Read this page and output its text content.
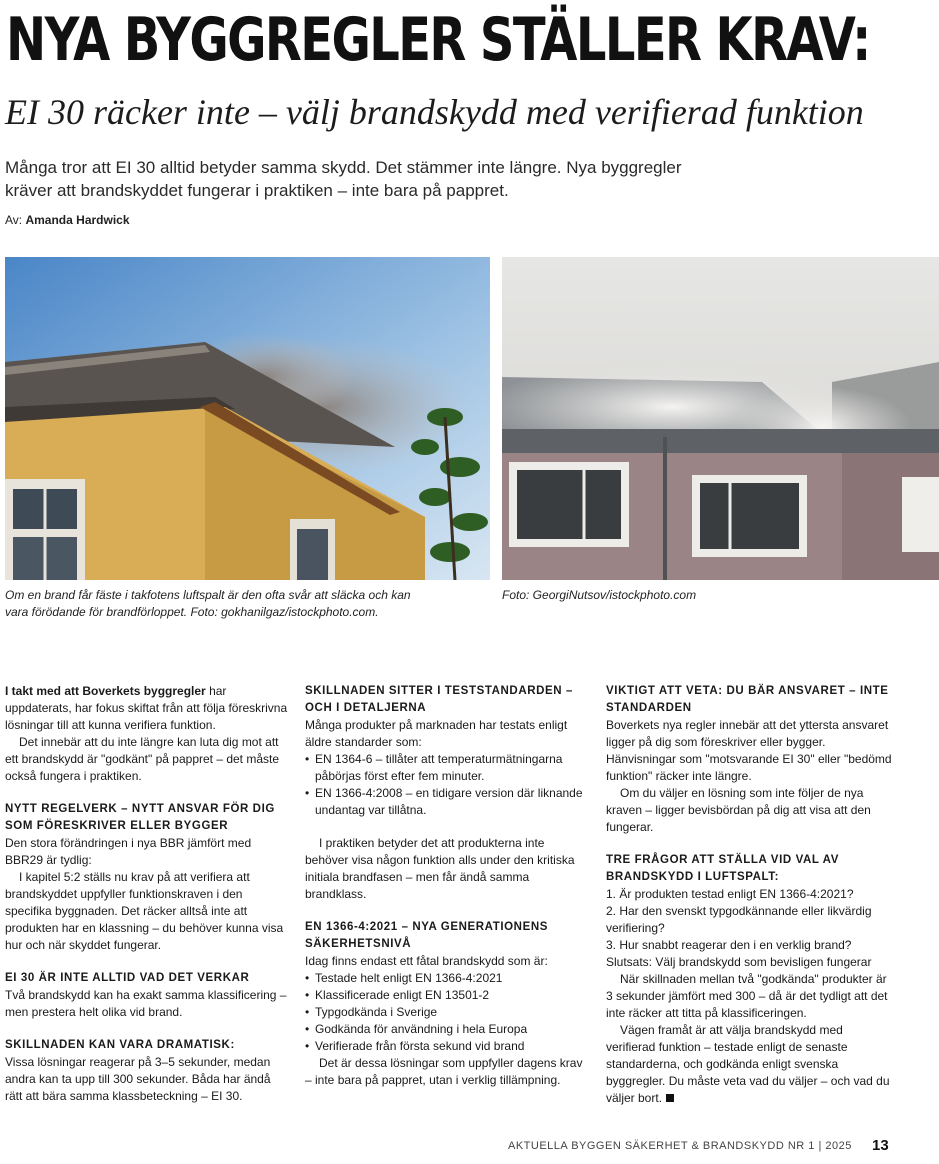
NYA BYGGREGLER STÄLLER KRAV:
EI 30 räcker inte – välj brandskydd med verifierad funktion
Många tror att EI 30 alltid betyder samma skydd. Det stämmer inte längre. Nya byggregler kräver att brandskyddet fungerar i praktiken – inte bara på pappret.
Av: Amanda Hardwick
Om en brand får fäste i takfotens luftspalt är den ofta svår att släcka och kan vara förödande för brandförloppet. Foto: gokhanilgaz/istockphoto.com.
Foto: GeorgiNutsov/istockphoto.com

I takt med att Boverkets byggregler har uppdaterats, har fokus skiftat från att följa föreskrivna lösningar till att kunna verifiera funktion.

Det innebär att du inte längre kan luta dig mot att ett brandskydd är "godkänt" på pappret – det måste också fungera i praktiken.

NYTT REGELVERK – NYTT ANSVAR FÖR DIG SOM FÖRESKRIVER ELLER BYGGER

Den stora förändringen i nya BBR jämfört med BBR29 är tydlig:

I kapitel 5:2 ställs nu krav på att verifiera att brandskyddet uppfyller funktionskraven i den specifika byggnaden. Det räcker alltså inte att produkten har en klassning – du behöver kunna visa hur och när skyddet fungerar.

EI 30 ÄR INTE ALLTID VAD DET VERKAR

Två brandskydd kan ha exakt samma klassificering – men prestera helt olika vid brand.

SKILLNADEN KAN VARA DRAMATISK:

Vissa lösningar reagerar på 3–5 sekunder, medan andra kan ta upp till 300 sekunder. Båda har ändå rätt att bära samma klassbeteckning – EI 30.

SKILLNADEN SITTER I TESTSTANDARDEN – OCH I DETALJERNA

Många produkter på marknaden har testats enligt äldre standarder som:

• EN 1364-6 – tillåter att temperaturmätningarna påbörjas först efter fem minuter.
• EN 1366-4:2008 – en tidigare version där liknande undantag var tillåtna.

I praktiken betyder det att produkterna inte behöver visa någon funktion alls under den kritiska initiala brandfasen – men får ändå samma brandklass.

EN 1366-4:2021 – NYA GENERATIONENS SÄKERHETSNIVÅ

Idag finns endast ett fåtal brandskydd som är:

• Testade helt enligt EN 1366-4:2021
• Klassificerade enligt EN 13501-2
• Typgodkända i Sverige
• Godkända för användning i hela Europa
• Verifierade från första sekund vid brand

Det är dessa lösningar som uppfyller dagens krav – inte bara på pappret, utan i verklig tillämpning.

VIKTIGT ATT VETA: DU BÄR ANSVARET – INTE STANDARDEN

Boverkets nya regler innebär att det yttersta ansvaret ligger på dig som föreskriver eller bygger. Hänvisningar som "motsvarande EI 30" eller "bedömd funktion" räcker inte längre.

Om du väljer en lösning som inte följer de nya kraven – ligger bevisbördan på dig att visa att den fungerar.

TRE FRÅGOR ATT STÄLLA VID VAL AV BRANDSKYDD I LUFTSPALT:

1. Är produkten testad enligt EN 1366-4:2021?

2. Har den svenskt typgodkännande eller likvärdig verifiering?

3. Hur snabbt reagerar den i en verklig brand?

Slutsats: Välj brandskydd som bevisligen fungerar

När skillnaden mellan två "godkända" produkter är 3 sekunder jämfört med 300 – då är det tydligt att det inte räcker att titta på klassificeringen.

Vägen framåt är att välja brandskydd med verifierad funktion – testade enligt de senaste standarderna, och godkända enligt svenska byggregler. Du måste veta vad du väljer – och vad du väljer bort.

AKTUELLA BYGGEN SÄKERHET & BRANDSKYDD NR 1 | 2025 13
